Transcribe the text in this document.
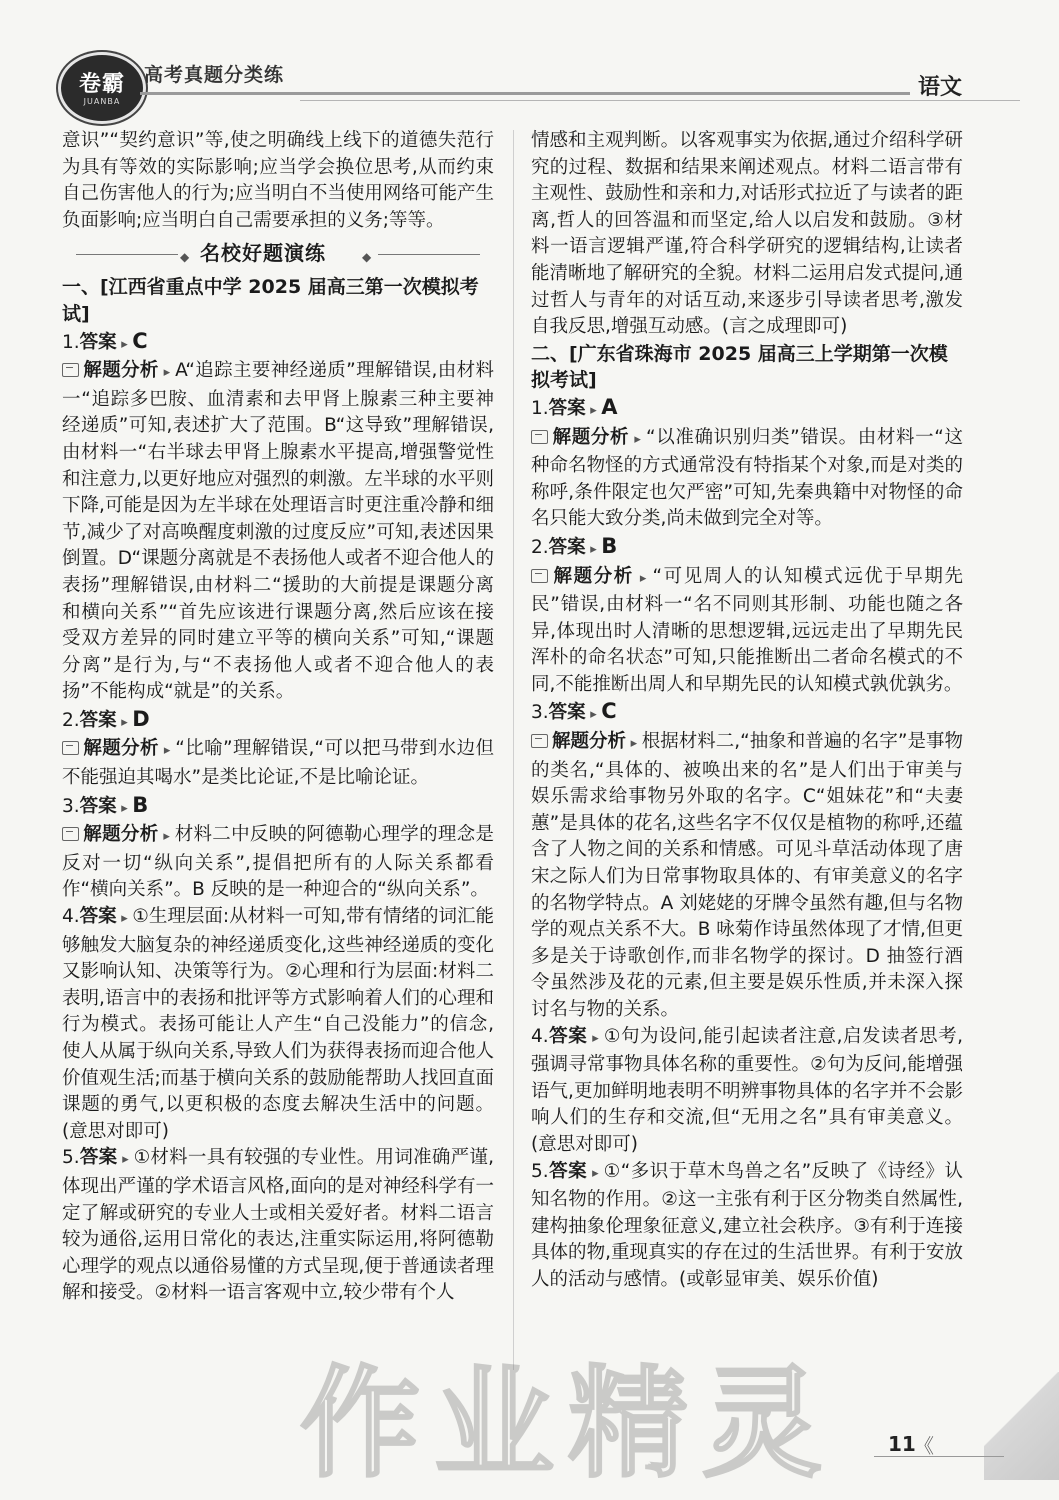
卷霸
JUANBA
高考真题分类练	语文

意识”“契约意识”等,使之明确线上线下的道德失范行为具有等效的实际影响;应当学会换位思考,从而约束自己伤害他人的行为;应当明白不当使用网络可能产生负面影响;应当明白自己需要承担的义务;等等。

◆ 名校好题演练	◆

一、[江西省重点中学 2025 届高三第一次模拟考试]

1.答案 ▸ C

解题分析 ▸ A“追踪主要神经递质”理解错误,由材料一“追踪多巴胺、血清素和去甲肾上腺素三种主要神经递质”可知,表述扩大了范围。B“这导致”理解错误,由材料一“右半球去甲肾上腺素水平提高,增强警觉性和注意力,以更好地应对强烈的刺激。左半球的水平则下降,可能是因为左半球在处理语言时更注重冷静和细节,减少了对高唤醒度刺激的过度反应”可知,表述因果倒置。D“课题分离就是不表扬他人或者不迎合他人的表扬”理解错误,由材料二“援助的大前提是课题分离和横向关系”“首先应该进行课题分离,然后应该在接受双方差异的同时建立平等的横向关系”可知,“课题分离”是行为,与“不表扬他人或者不迎合他人的表扬”不能构成“就是”的关系。

2.答案 ▸ D

解题分析 ▸ “比喻”理解错误,“可以把马带到水边但不能强迫其喝水”是类比论证,不是比喻论证。

3.答案 ▸ B

解题分析 ▸ 材料二中反映的阿德勒心理学的理念是反对一切“纵向关系”,提倡把所有的人际关系都看作“横向关系”。B 反映的是一种迎合的“纵向关系”。

4.答案 ▸ ①生理层面:从材料一可知,带有情绪的词汇能够触发大脑复杂的神经递质变化,这些神经递质的变化又影响认知、决策等行为。②心理和行为层面:材料二表明,语言中的表扬和批评等方式影响着人们的心理和行为模式。表扬可能让人产生“自己没能力”的信念,使人从属于纵向关系,导致人们为获得表扬而迎合他人价值观生活;而基于横向关系的鼓励能帮助人找回直面课题的勇气,以更积极的态度去解决生活中的问题。(意思对即可)

5.答案 ▸ ①材料一具有较强的专业性。用词准确严谨,体现出严谨的学术语言风格,面向的是对神经科学有一定了解或研究的专业人士或相关爱好者。材料二语言较为通俗,运用日常化的表达,注重实际运用,将阿德勒心理学的观点以通俗易懂的方式呈现,便于普通读者理解和接受。②材料一语言客观中立,较少带有个人

情感和主观判断。以客观事实为依据,通过介绍科学研究的过程、数据和结果来阐述观点。材料二语言带有主观性、鼓励性和亲和力,对话形式拉近了与读者的距离,哲人的回答温和而坚定,给人以启发和鼓励。③材料一语言逻辑严谨,符合科学研究的逻辑结构,让读者能清晰地了解研究的全貌。材料二运用启发式提问,通过哲人与青年的对话互动,来逐步引导读者思考,激发自我反思,增强互动感。(言之成理即可)

二、[广东省珠海市 2025 届高三上学期第一次模拟考试]

1.答案 ▸ A

解题分析 ▸ “以准确识别归类”错误。由材料一“这种命名物怪的方式通常没有特指某个对象,而是对类的称呼,条件限定也欠严密”可知,先秦典籍中对物怪的命名只能大致分类,尚未做到完全对等。

2.答案 ▸ B

解题分析 ▸ “可见周人的认知模式远优于早期先民”错误,由材料一“名不同则其形制、功能也随之各异,体现出时人清晰的思想逻辑,远远走出了早期先民浑朴的命名状态”可知,只能推断出二者命名模式的不同,不能推断出周人和早期先民的认知模式孰优孰劣。

3.答案 ▸ C

解题分析 ▸ 根据材料二,“抽象和普遍的名字”是事物的类名,“具体的、被唤出来的名”是人们出于审美与娱乐需求给事物另外取的名字。C“姐妹花”和“夫妻蕙”是具体的花名,这些名字不仅仅是植物的称呼,还蕴含了人物之间的关系和情感。可见斗草活动体现了唐宋之际人们为日常事物取具体的、有审美意义的名字的名物学特点。A 刘姥姥的牙牌令虽然有趣,但与名物学的观点关系不大。B 咏菊作诗虽然体现了才情,但更多是关于诗歌创作,而非名物学的探讨。D 抽签行酒令虽然涉及花的元素,但主要是娱乐性质,并未深入探讨名与物的关系。

4.答案 ▸ ①句为设问,能引起读者注意,启发读者思考,强调寻常事物具体名称的重要性。②句为反问,能增强语气,更加鲜明地表明不明辨事物具体的名字并不会影响人们的生存和交流,但“无用之名”具有审美意义。(意思对即可)

5.答案 ▸ ①“多识于草木鸟兽之名”反映了《诗经》认知名物的作用。②这一主张有利于区分物类自然属性,建构抽象伦理象征意义,建立社会秩序。③有利于连接具体的物,重现真实的存在过的生活世界。有利于安放人的活动与感情。(或彰显审美、娱乐价值)

作业精灵	11
《
